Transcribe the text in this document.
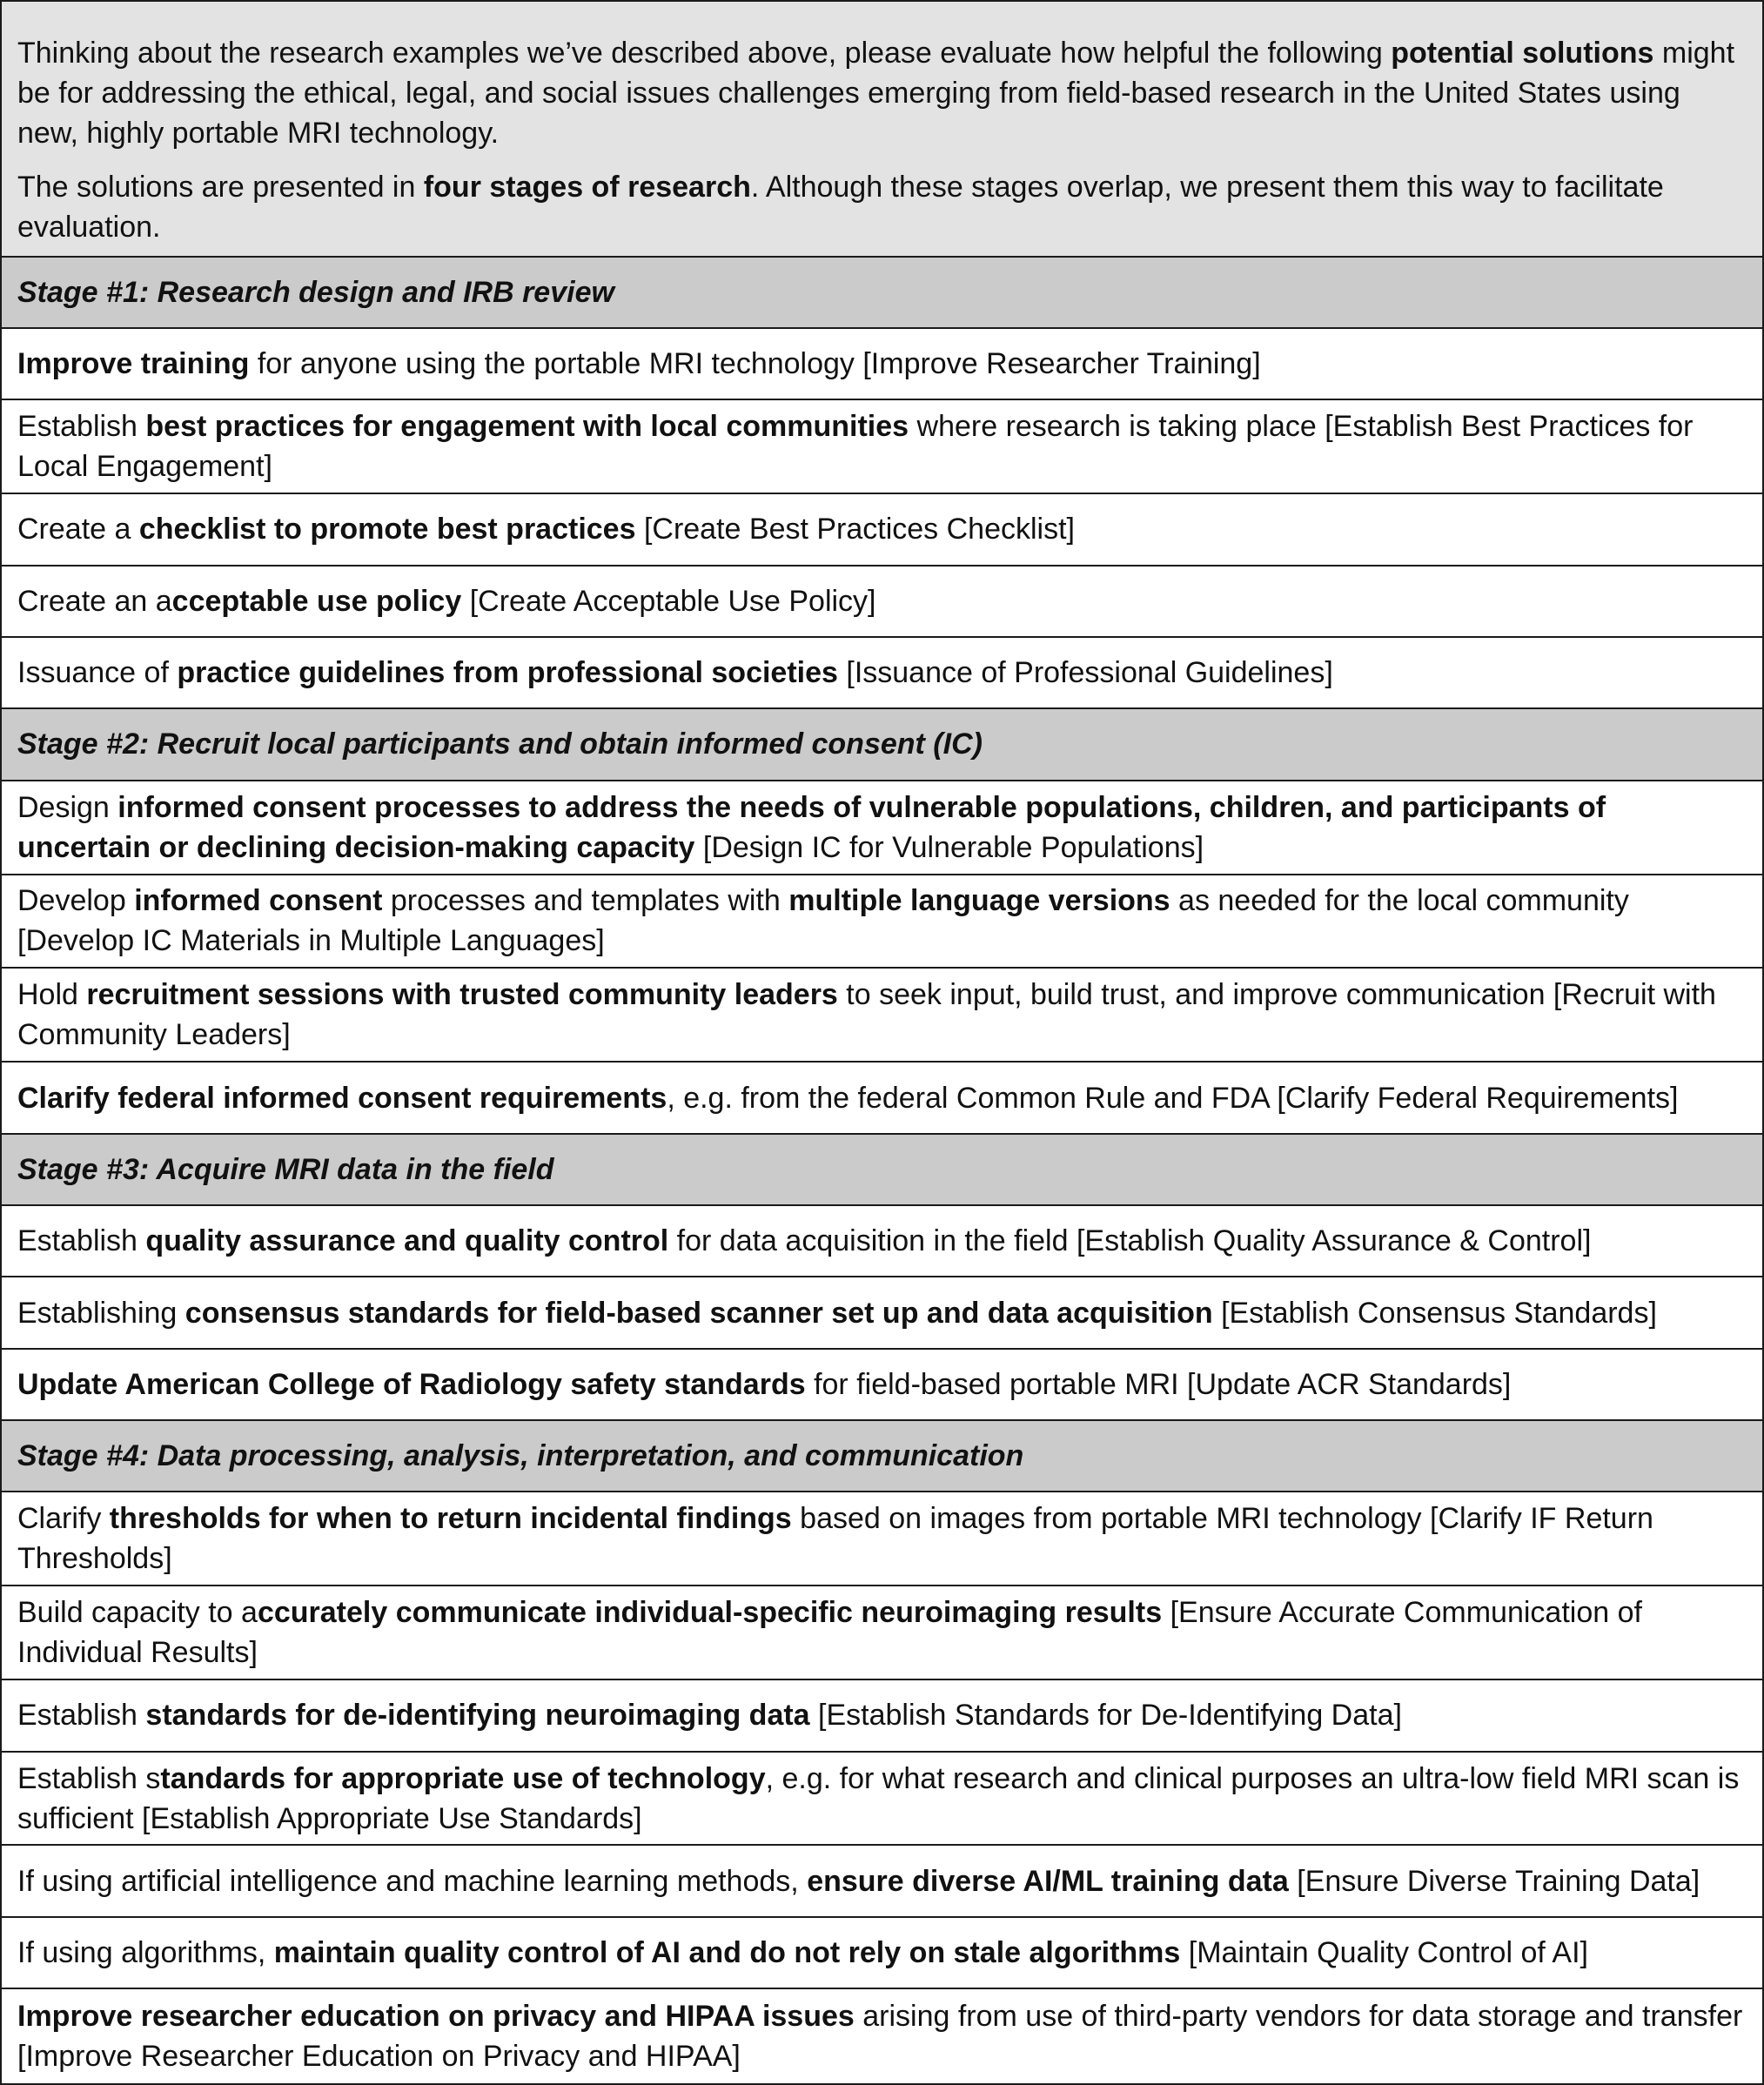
Thinking about the research examples we’ve described above, please evaluate how helpful the following potential solutions might be for addressing the ethical, legal, and social issues challenges emerging from field-based research in the United States using new, highly portable MRI technology.

The solutions are presented in four stages of research. Although these stages overlap, we present them this way to facilitate evaluation.

Stage #1: Research design and IRB review
Improve training for anyone using the portable MRI technology [Improve Researcher Training]
Establish best practices for engagement with local communities where research is taking place [Establish Best Practices for Local Engagement]
Create a checklist to promote best practices [Create Best Practices Checklist]
Create an acceptable use policy [Create Acceptable Use Policy]
Issuance of practice guidelines from professional societies [Issuance of Professional Guidelines]
Stage #2: Recruit local participants and obtain informed consent (IC)
Design informed consent processes to address the needs of vulnerable populations, children, and participants of uncertain or declining decision-making capacity [Design IC for Vulnerable Populations]
Develop informed consent processes and templates with multiple language versions as needed for the local community [Develop IC Materials in Multiple Languages]
Hold recruitment sessions with trusted community leaders to seek input, build trust, and improve communication [Recruit with Community Leaders]
Clarify federal informed consent requirements, e.g. from the federal Common Rule and FDA [Clarify Federal Requirements]
Stage #3: Acquire MRI data in the field
Establish quality assurance and quality control for data acquisition in the field [Establish Quality Assurance & Control]
Establishing consensus standards for field-based scanner set up and data acquisition [Establish Consensus Standards]
Update American College of Radiology safety standards for field-based portable MRI [Update ACR Standards]
Stage #4: Data processing, analysis, interpretation, and communication
Clarify thresholds for when to return incidental findings based on images from portable MRI technology [Clarify IF Return Thresholds]
Build capacity to accurately communicate individual-specific neuroimaging results [Ensure Accurate Communication of Individual Results]
Establish standards for de-identifying neuroimaging data [Establish Standards for De-Identifying Data]
Establish standards for appropriate use of technology, e.g. for what research and clinical purposes an ultra-low field MRI scan is sufficient [Establish Appropriate Use Standards]
If using artificial intelligence and machine learning methods, ensure diverse AI/ML training data [Ensure Diverse Training Data]
If using algorithms, maintain quality control of AI and do not rely on stale algorithms [Maintain Quality Control of AI]
Improve researcher education on privacy and HIPAA issues arising from use of third-party vendors for data storage and transfer [Improve Researcher Education on Privacy and HIPAA]
